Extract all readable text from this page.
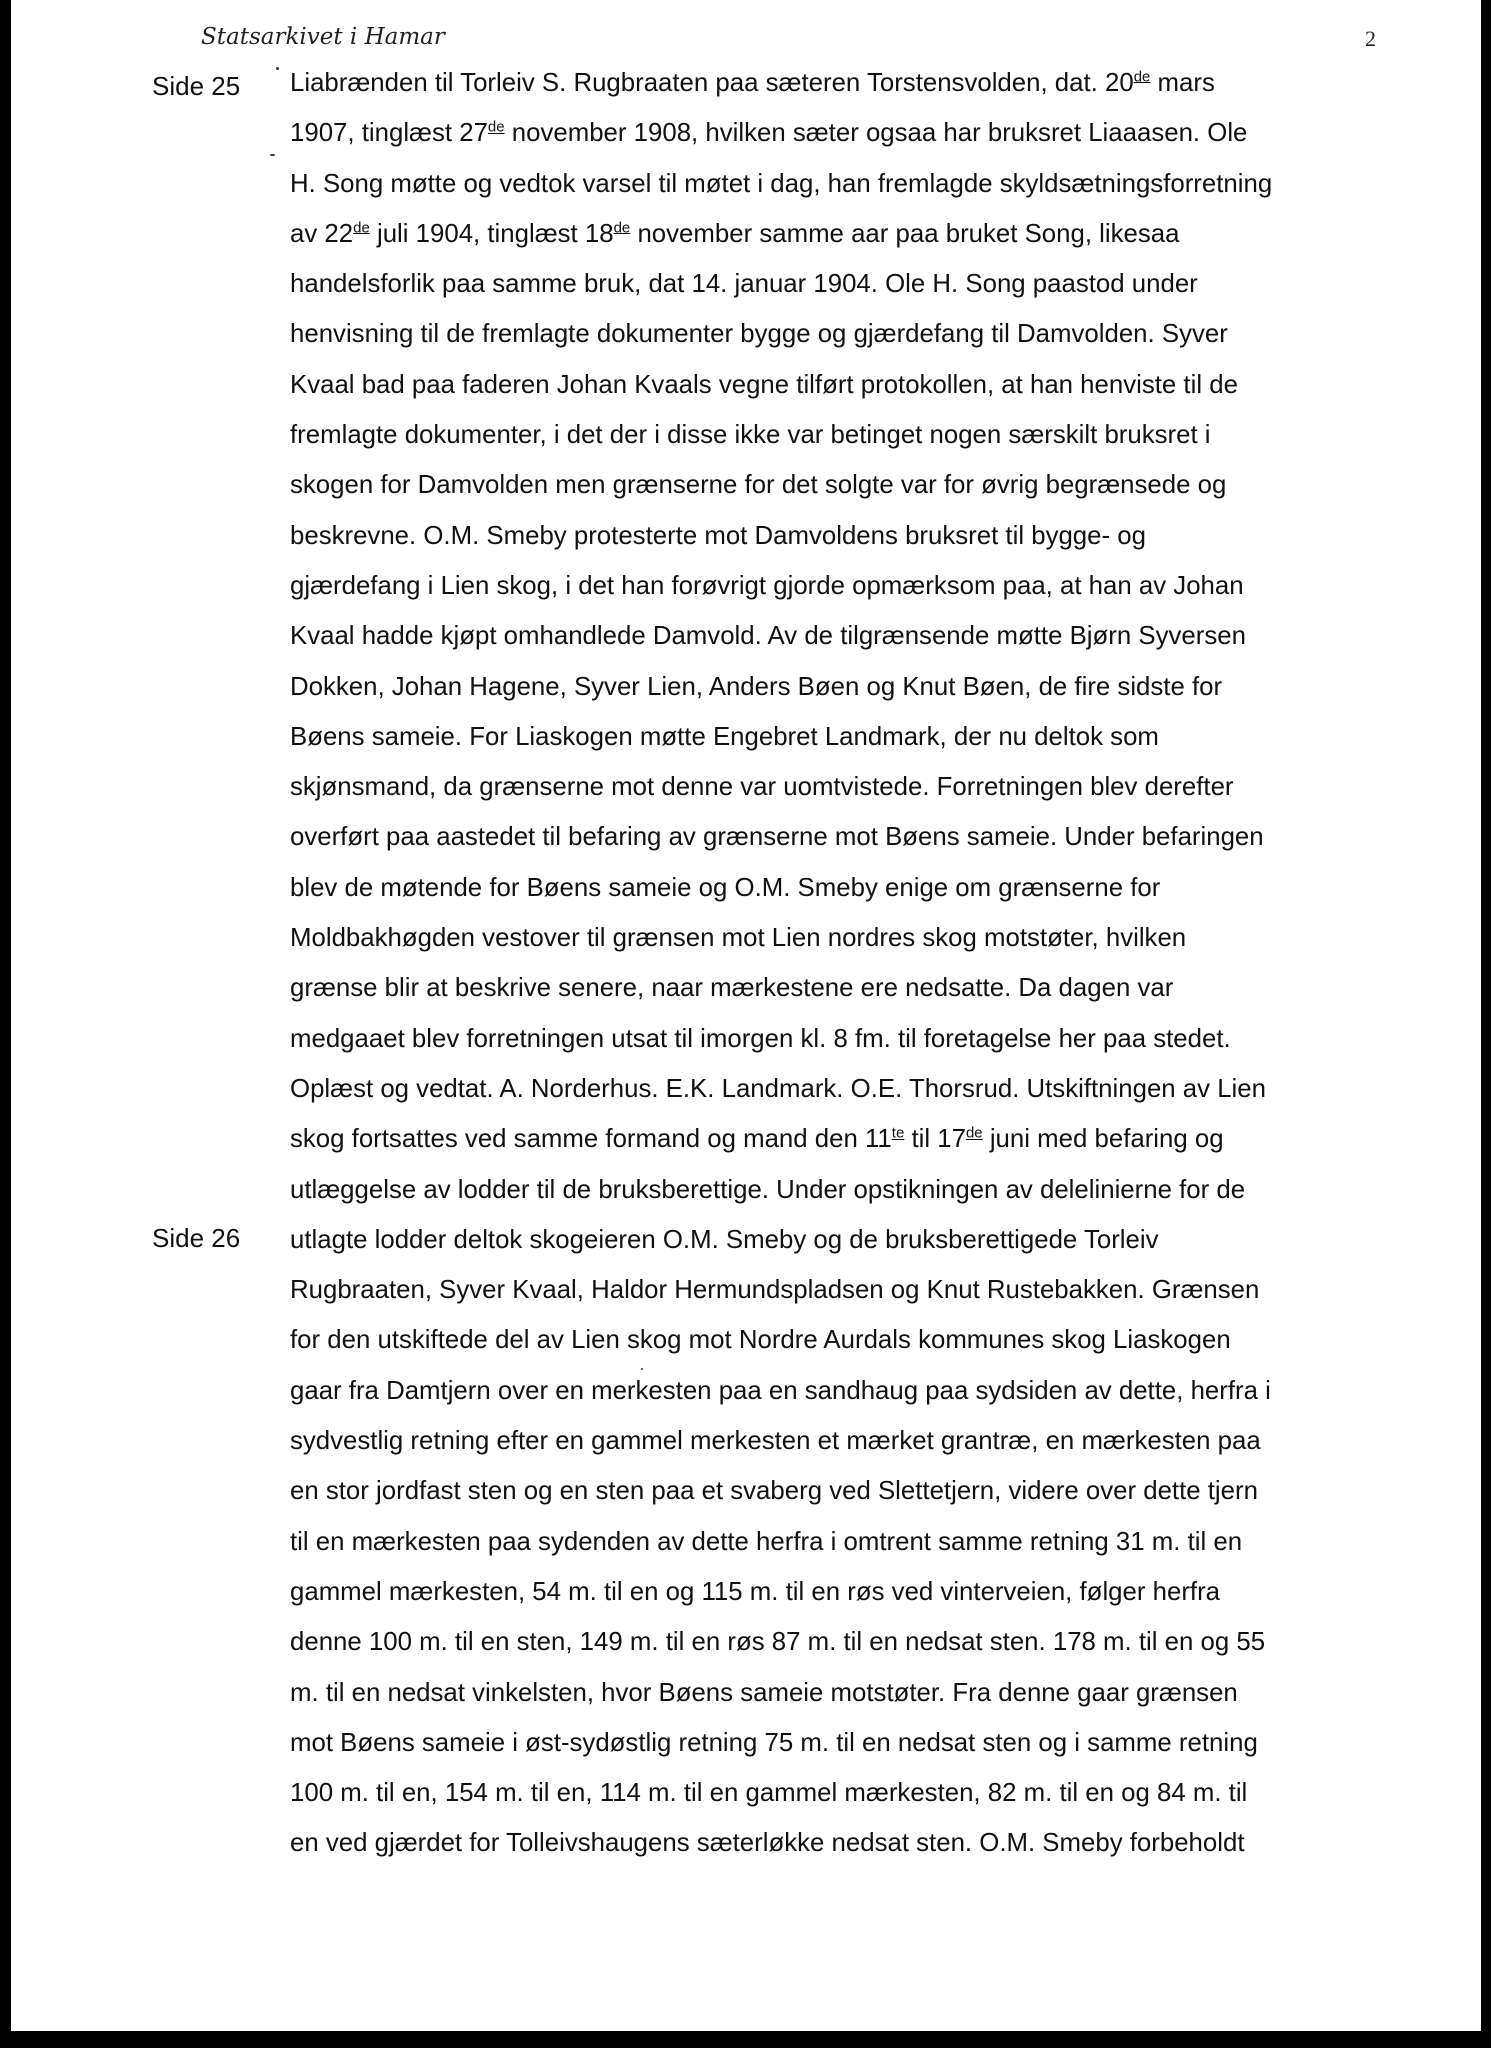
Statsarkivet i Hamar	2
Side 25
Side 26
Liabrænden til Torleiv S. Rugbraaten paa sæteren Torstensvolden, dat. 20de mars
1907, tinglæst 27de november 1908, hvilken sæter ogsaa har bruksret Liaaasen. Ole
H. Song møtte og vedtok varsel til møtet i dag, han fremlagde skyldsætningsforretning
av 22de juli 1904, tinglæst 18de november samme aar paa bruket Song, likesaa
handelsforlik paa samme bruk, dat 14. januar 1904. Ole H. Song paastod under
henvisning til de fremlagte dokumenter bygge og gjærdefang til Damvolden. Syver
Kvaal bad paa faderen Johan Kvaals vegne tilført protokollen, at han henviste til de
fremlagte dokumenter, i det der i disse ikke var betinget nogen særskilt bruksret i
skogen for Damvolden men grænserne for det solgte var for øvrig begrænsede og
beskrevne. O.M. Smeby protesterte mot Damvoldens bruksret til bygge- og
gjærdefang i Lien skog, i det han forøvrigt gjorde opmærksom paa, at han av Johan
Kvaal hadde kjøpt omhandlede Damvold. Av de tilgrænsende møtte Bjørn Syversen
Dokken, Johan Hagene, Syver Lien, Anders Bøen og Knut Bøen, de fire sidste for
Bøens sameie. For Liaskogen møtte Engebret Landmark, der nu deltok som
skjønsmand, da grænserne mot denne var uomtvistede. Forretningen blev derefter
overført paa aastedet til befaring av grænserne mot Bøens sameie. Under befaringen
blev de møtende for Bøens sameie og O.M. Smeby enige om grænserne for
Moldbakhøgden vestover til grænsen mot Lien nordres skog motstøter, hvilken
grænse blir at beskrive senere, naar mærkestene ere nedsatte. Da dagen var
medgaaet blev forretningen utsat til imorgen kl. 8 fm. til foretagelse her paa stedet.
Oplæst og vedtat. A. Norderhus. E.K. Landmark. O.E. Thorsrud. Utskiftningen av Lien
skog fortsattes ved samme formand og mand den $11^{te}$ til 17de juni med befaring og
utlæggelse av lodder til de bruksberettige. Under opstikningen av delelinierne for de
utlagte lodder deltok skogeieren O.M. Smeby og de bruksberettigede Torleiv
Rugbraaten, Syver Kvaal, Haldor Hermundspladsen og Knut Rustebakken. Grænsen
for den utskiftede del av Lien skog mot Nordre Aurdals kommunes skog Liaskogen
gaar fra Damtjern over en merkesten paa en sandhaug paa sydsiden av dette, herfra i
sydvestlig retning efter en gammel merkesten et mærket grantræ, en mærkesten paa
en stor jordfast sten og en sten paa et svaberg ved Slettetjern, videre over dette tjern
til en mærkesten paa sydenden av dette herfra i omtrent samme retning 31 m. til en
gammel mærkesten, 54 m. til en og 115 m. til en røs ved vinterveien, følger herfra
denne 100 m. til en sten, 149 m. til en røs 87 m. til en nedsat sten. 178 m. til en og 55
m. til en nedsat vinkelsten, hvor Bøens sameie motstøter. Fra denne gaar grænsen
mot Bøens sameie i øst-sydøstlig retning 75 m. til en nedsat sten og i samme retning
100 m. til en, 154 m. til en, 114 m. til en gammel mærkesten, 82 m. til en og 84 m. til
en ved gjærdet for Tolleivshaugens sæterløkke nedsat sten. O.M. Smeby forbeholdt
